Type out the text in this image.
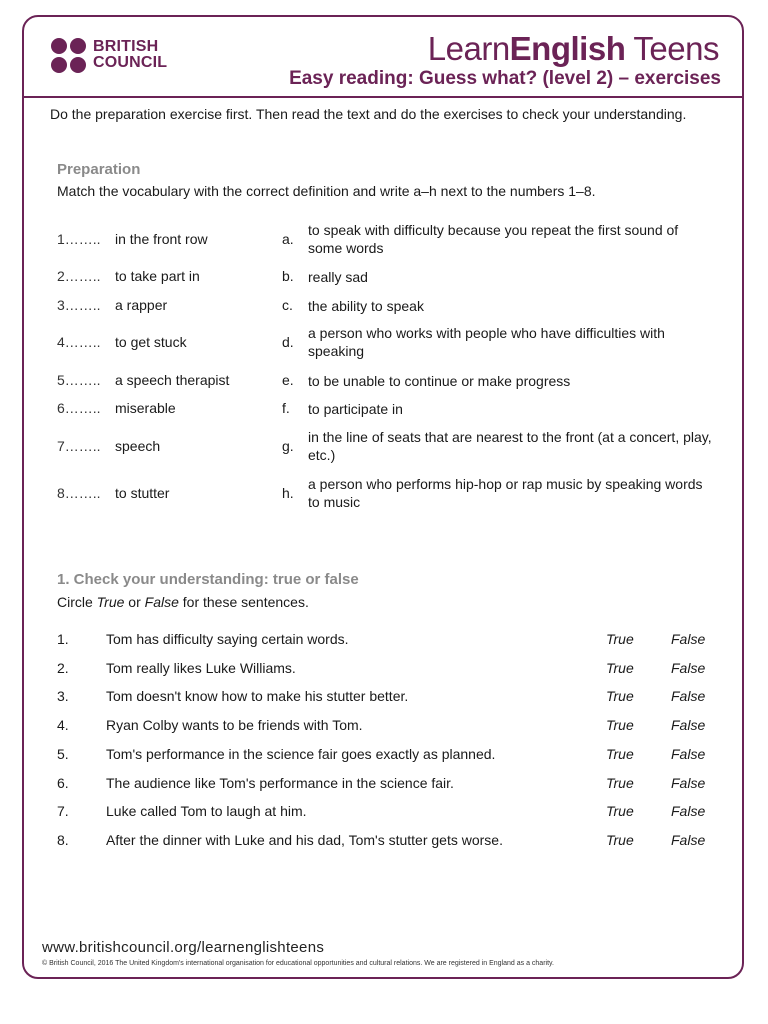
BRITISH
COUNCIL	LearnEnglish Teens
Easy reading: Guess what? (level 2) – exercises
Do the preparation exercise first. Then read the text and do the exercises to check your understanding.
Preparation
Match the vocabulary with the correct definition and write a–h next to the numbers 1–8.
1…….. in the front row	a.
to speak with difficulty because you repeat the first sound of some words
2…….. to take part in	b. really sad
3…….. a rapper	c. the ability to speak
4…….. to get stuck	d.
a person who works with people who have difficulties with speaking
5…….. a speech therapist	e. to be unable to continue or make progress
6…….. miserable	f. to participate in
7…….. speech	g.
in the line of seats that are nearest to the front (at a concert, play, etc.)
8…….. to stutter	h.
a person who performs hip-hop or rap music by speaking words to music
1. Check your understanding: true or false
Circle True or False for these sentences.
1.	Tom has difficulty saying certain words.	True	False
2.	Tom really likes Luke Williams.	True	False
3.	Tom doesn't know how to make his stutter better.	True	False
4.	Ryan Colby wants to be friends with Tom.	True	False
5.	Tom's performance in the science fair goes exactly as planned.	True	False
6.	The audience like Tom's performance in the science fair.	True	False
7.	Luke called Tom to laugh at him.	True	False
8.	After the dinner with Luke and his dad, Tom's stutter gets worse.	True	False
www.britishcouncil.org/learnenglishteens
© British Council, 2016 The United Kingdom's international organisation for educational opportunities and cultural relations. We are registered in England as a charity.
